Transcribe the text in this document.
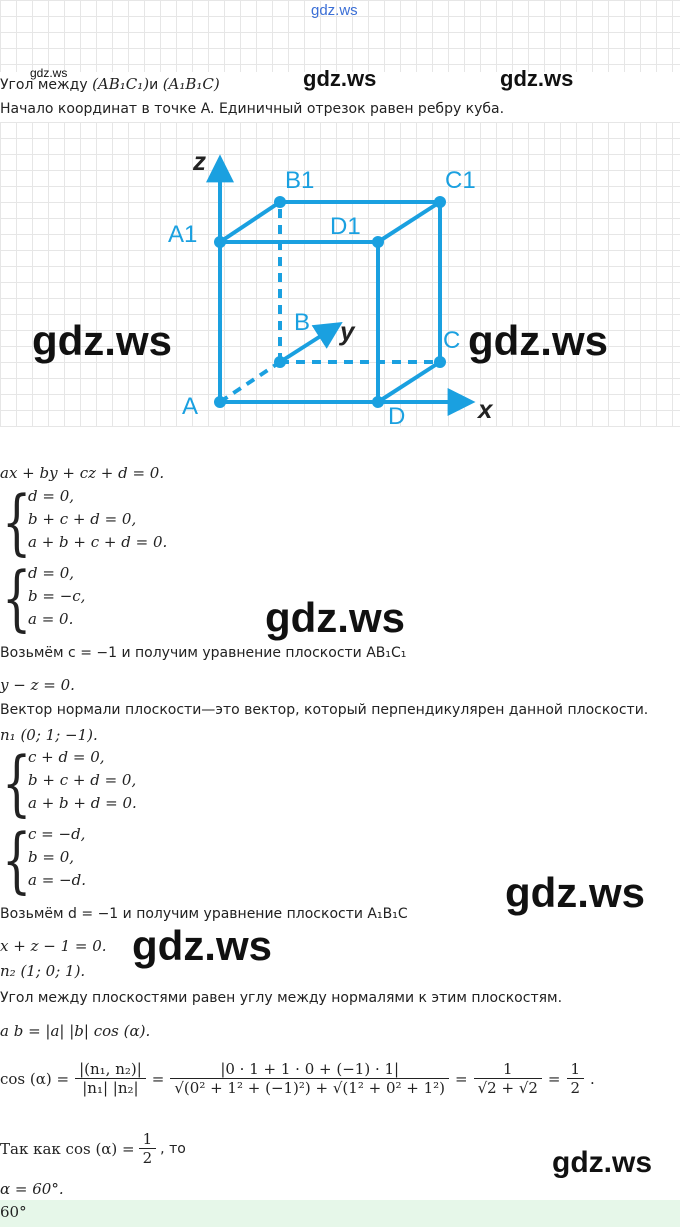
gdz.ws
gdz.ws	gdz.ws	gdz.ws
Угол между (AB₁C₁)и (A₁B₁C)
Начало координат в точке A. Единичный отрезок равен ребру куба.
A	D
D1
A1
B1	C1
C
B
z
y
x
gdz.ws	gdz.ws
ax + by + cz + d = 0.
{
d = 0,
b + c + d = 0,
a + b + c + d = 0.
{
d = 0,
b = −c,
a = 0.	gdz.ws
Возьмём c = −1 и получим уравнение плоскости AB₁C₁
y − z = 0.
Вектор нормали плоскости—это вектор, который перпендикулярен данной плоскости.
n₁ (0; 1; −1).
{
c + d = 0,
b + c + d = 0,
a + b + d = 0.
{
c = −d,
b = 0,
a = −d.	gdz.ws
Возьмём d = −1 и получим уравнение плоскости A₁B₁C
x + z − 1 = 0. gdz.ws
n₂ (1; 0; 1).
Угол между плоскостями равен углу между нормалями к этим плоскостям.
a b = |a| |b| cos (α).
$\cos (\alpha) = \frac{\text{|(n₁, n₂)|}}{\text{|n₁| |n₂|}} = \frac{|0 \cdot 1 + 1 \cdot 0 + (-1) \cdot 1|}{\text{√(0² + 1² + (−1)²) + √(1² + 0² + 1²)}} = \frac{1}{√2 + √2} = \frac{1}{2}$ .
Так как $\cos (\alpha) = \frac{1}{2}$ , то	gdz.ws
α = 60°.
60°
